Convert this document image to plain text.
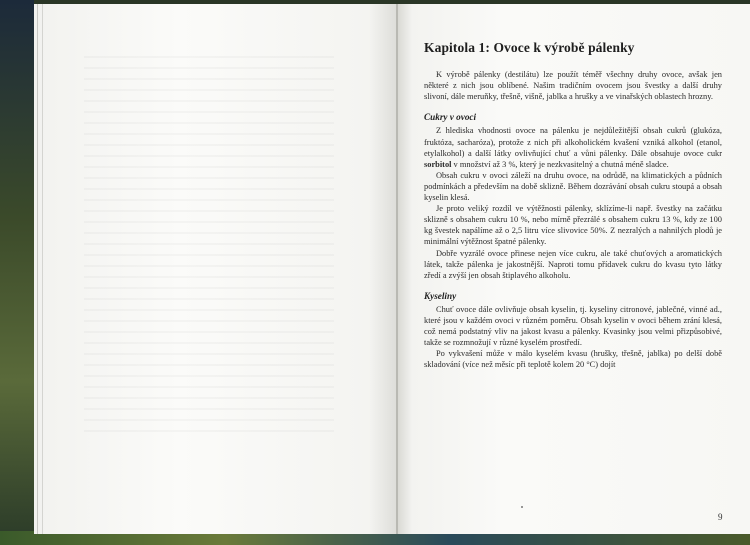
Kapitola 1: Ovoce k výrobě pálenky

K výrobě pálenky (destilátu) lze použít téměř všechny druhy ovoce, avšak jen některé z nich jsou oblíbené. Našim tradičním ovocem jsou švestky a další druhy slivoní, dále meruňky, třešně, višně, jablka a hrušky a ve vinařských oblastech hrozny.

Cukry v ovoci

Z hlediska vhodnosti ovoce na pálenku je nejdůležitější obsah cukrů (glukóza, fruktóza, sacharóza), protože z nich při alkoholickém kvašení vzniká alkohol (etanol, etylalkohol) a další látky ovlivňující chuť a vůni pálenky. Dále obsahuje ovoce cukr sorbitol v množství až 3 %, který je nezkvasitelný a chutná méně sladce.

Obsah cukru v ovoci záleží na druhu ovoce, na odrůdě, na klimatických a půdních podmínkách a především na době sklizně. Během dozrávání obsah cukru stoupá a obsah kyselin klesá.

Je proto veliký rozdíl ve výtěžnosti pálenky, sklízíme-li např. švestky na začátku sklizně s obsahem cukru 10 %, nebo mírně přezrálé s obsahem cukru 13 %, kdy ze 100 kg švestek napálíme až o 2,5 litru více slivovice 50%. Z nezralých a nahnilých plodů je minimální výtěžnost špatné pálenky.

Dobře vyzrálé ovoce přinese nejen více cukru, ale také chuťových a aromatických látek, takže pálenka je jakostnější. Naproti tomu přídavek cukru do kvasu tyto látky zředí a zvýší jen obsah štiplavého alkoholu.

Kyseliny

Chuť ovoce dále ovlivňuje obsah kyselin, tj. kyseliny citronové, jablečné, vinné ad., které jsou v každém ovoci v různém poměru. Obsah kyselin v ovoci během zrání klesá, což nemá podstatný vliv na jakost kvasu a pálenky. Kvasinky jsou velmi přizpůsobivé, takže se rozmnožují v různé kyselém prostředí.

Po vykvašení může v málo kyselém kvasu (hrušky, třešně, jablka) po delší době skladování (více než měsíc při teplotě kolem 20 °C) dojít

9
